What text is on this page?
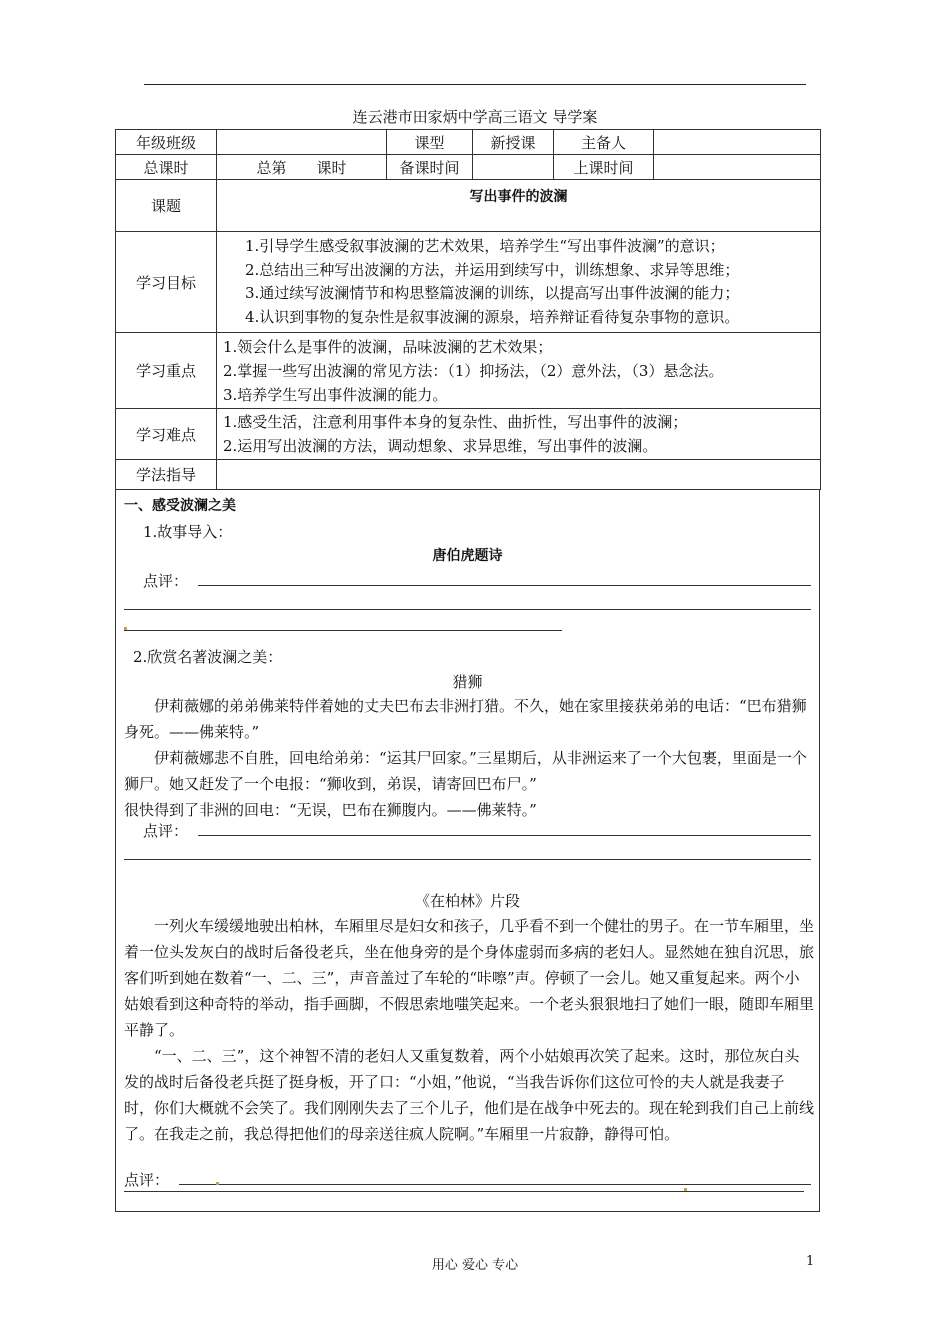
连云港市田家炳中学高三语文 导学案
年级班级		课型	新授课	主备人	
总课时	总第　　课时	备课时间		上课时间	
课题	写出事件的波澜				

学习目标	1.引导学生感受叙事波澜的艺术效果，培养学生“写出事件波澜”的意识；
2.总结出三种写出波澜的方法，并运用到续写中，训练想象、求异等思维；
3.通过续写波澜情节和构思整篇波澜的训练，以提高写出事件波澜的能力；
4.认识到事物的复杂性是叙事波澜的源泉，培养辩证看待复杂事物的意识。				

学习重点	1.领会什么是事件的波澜，品味波澜的艺术效果；
2.掌握一些写出波澜的常见方法：（1）抑扬法，（2）意外法，（3）悬念法。
3.培养学生写出事件波澜的能力。				

学习难点	1.感受生活，注意利用事件本身的复杂性、曲折性，写出事件的波澜；
2.运用写出波澜的方法，调动想象、求异思维，写出事件的波澜。				

学法指导					
一、感受波澜之美
1.故事导入：
唐伯虎题诗
点评：
2.欣赏名著波澜之美：
猎狮

伊莉薇娜的弟弟佛莱特伴着她的丈夫巴布去非洲打猎。不久，她在家里接获弟弟的电话：“巴布猎狮身死。——佛莱特。”

伊莉薇娜悲不自胜，回电给弟弟：“运其尸回家。”三星期后，从非洲运来了一个大包裹，里面是一个狮尸。她又赶发了一个电报：“狮收到，弟误，请寄回巴布尸。”

很快得到了非洲的回电：“无误，巴布在狮腹内。——佛莱特。”

点评：
《在柏林》片段

一列火车缓缓地驶出柏林，车厢里尽是妇女和孩子，几乎看不到一个健壮的男子。在一节车厢里，坐着一位头发灰白的战时后备役老兵，坐在他身旁的是个身体虚弱而多病的老妇人。显然她在独自沉思，旅客们听到她在数着“一、二、三”，声音盖过了车轮的“咔嚓”声。停顿了一会儿。她又重复起来。两个小姑娘看到这种奇特的举动，指手画脚，不假思索地嗤笑起来。一个老头狠狠地扫了她们一眼，随即车厢里平静了。

“一、二、三”，这个神智不清的老妇人又重复数着，两个小姑娘再次笑了起来。这时，那位灰白头发的战时后备役老兵挺了挺身板，开了口：“小姐，”他说，“当我告诉你们这位可怜的夫人就是我妻子时，你们大概就不会笑了。我们刚刚失去了三个儿子，他们是在战争中死去的。现在轮到我们自己上前线了。在我走之前，我总得把他们的母亲送往疯人院啊。”车厢里一片寂静，静得可怕。

点评：
用心 爱心 专心	1
